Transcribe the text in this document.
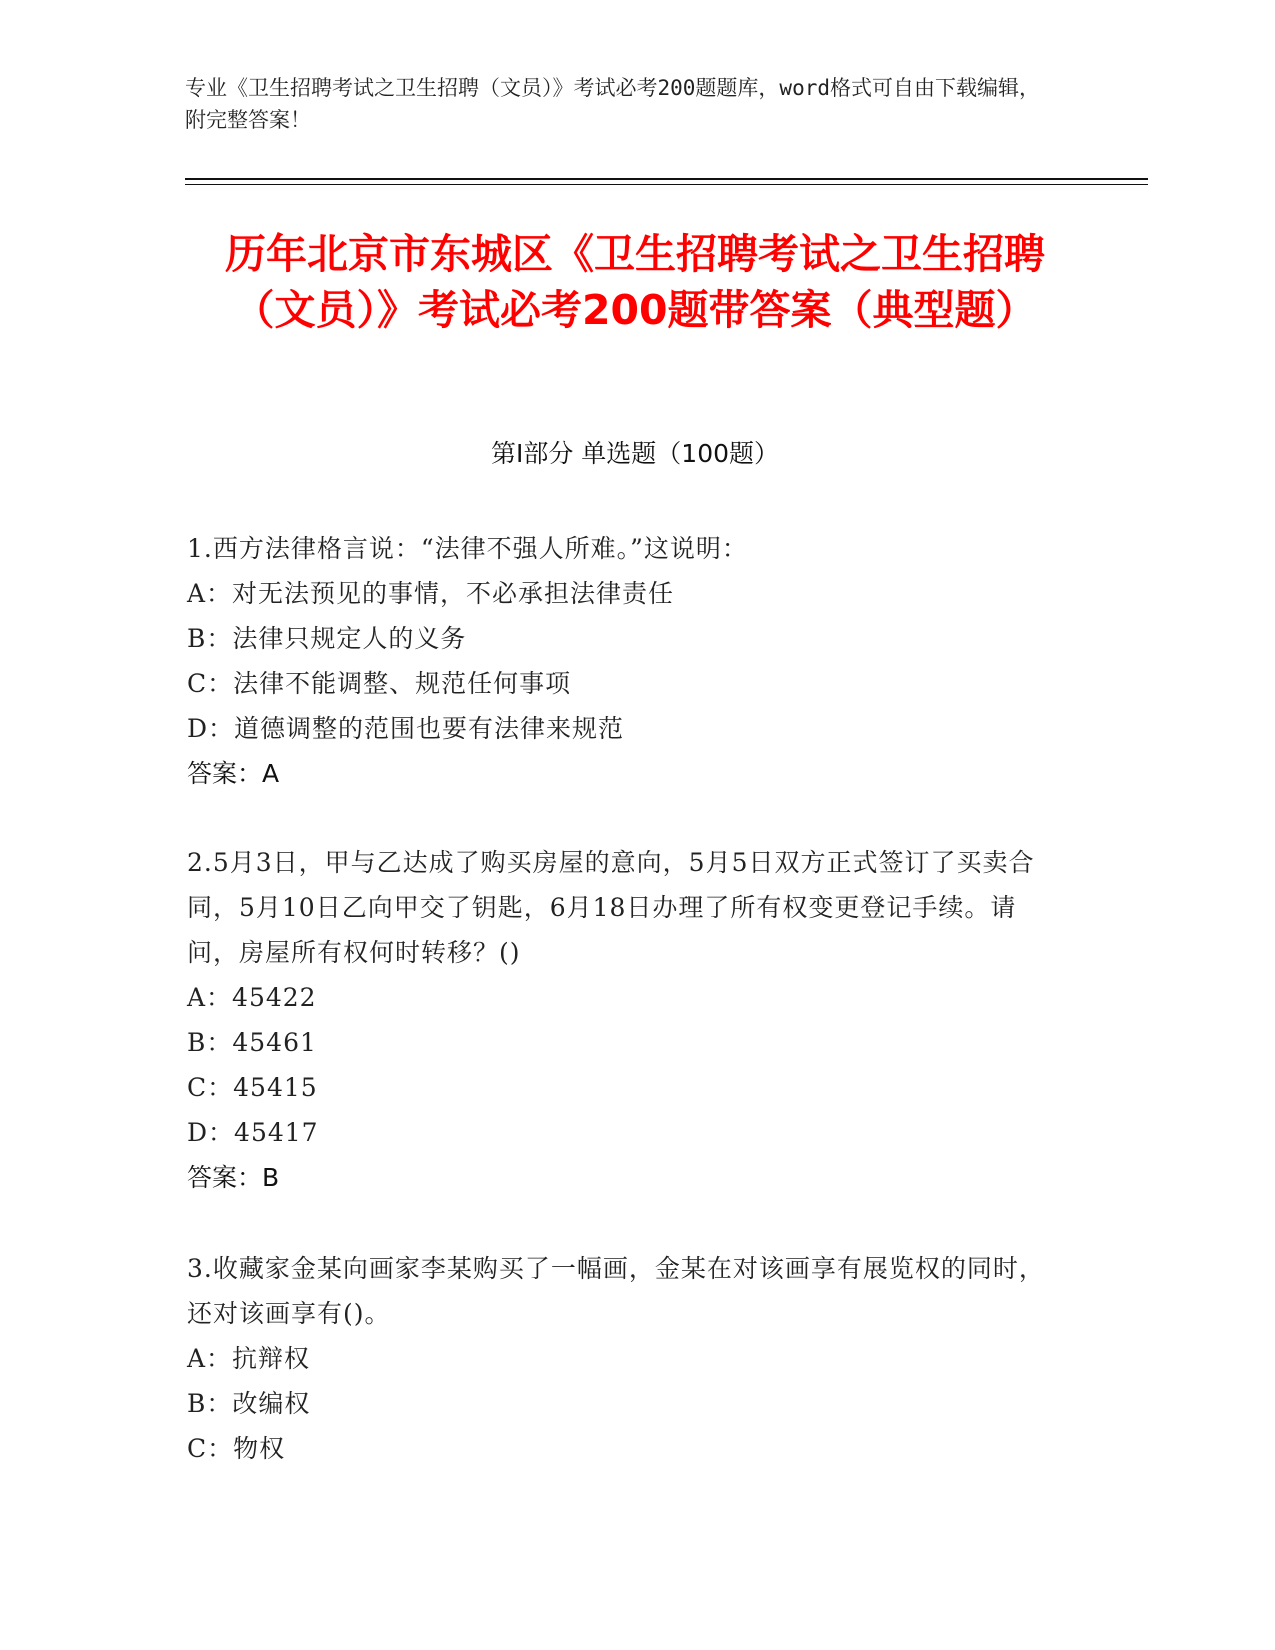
专业《卫生招聘考试之卫生招聘（文员）》考试必考200题题库，word格式可自由下载编辑，附完整答案！
历年北京市东城区《卫生招聘考试之卫生招聘（文员）》考试必考200题带答案（典型题）
第I部分 单选题（100题）
1.西方法律格言说：“法律不强人所难。”这说明：
A：对无法预见的事情，不必承担法律责任
B：法律只规定人的义务
C：法律不能调整、规范任何事项
D：道德调整的范围也要有法律来规范
答案：A
2.5月3日，甲与乙达成了购买房屋的意向，5月5日双方正式签订了买卖合同，5月10日乙向甲交了钥匙，6月18日办理了所有权变更登记手续。请问，房屋所有权何时转移？()
A：45422
B：45461
C：45415
D：45417
答案：B
3.收藏家金某向画家李某购买了一幅画，金某在对该画享有展览权的同时，还对该画享有()。
A：抗辩权
B：改编权
C：物权
